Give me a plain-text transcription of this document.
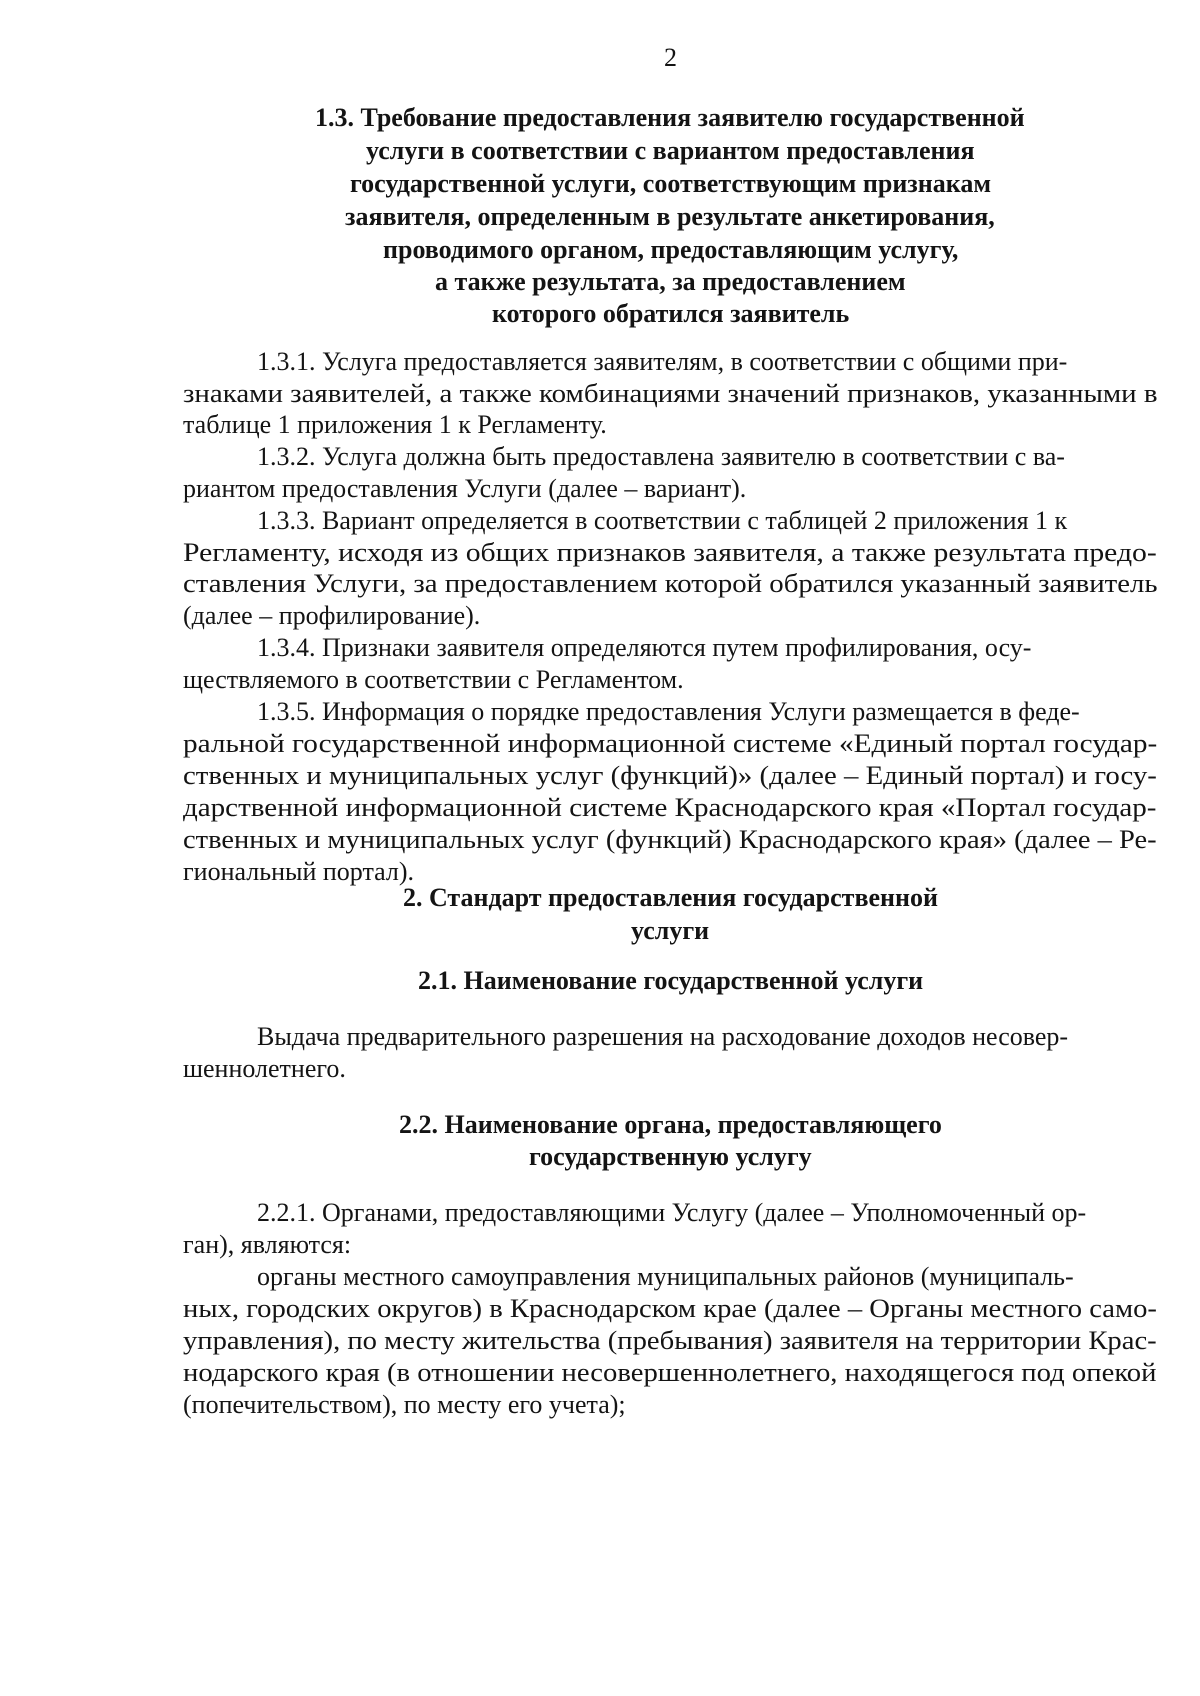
2

1.3. Требование предоставления заявителю государственной

услуги в соответствии с вариантом предоставления

государственной услуги, соответствующим признакам

заявителя, определенным в результате анкетирования,

проводимого органом, предоставляющим услугу,

а также результата, за предоставлением

которого обратился заявитель

1.3.1. Услуга предоставляется заявителям, в соответствии с общими при-

знаками заявителей, а также комбинациями значений признаков, указанными в

таблице 1 приложения 1 к Регламенту.

1.3.2. Услуга должна быть предоставлена заявителю в соответствии с ва-

риантом предоставления Услуги (далее – вариант).

1.3.3. Вариант определяется в соответствии с таблицей 2 приложения 1 к

Регламенту, исходя из общих признаков заявителя, а также результата предо-

ставления Услуги, за предоставлением которой обратился указанный заявитель

(далее – профилирование).

1.3.4. Признаки заявителя определяются путем профилирования, осу-

ществляемого в соответствии с Регламентом.

1.3.5. Информация о порядке предоставления Услуги размещается в феде-

ральной государственной информационной системе «Единый портал государ-

ственных и муниципальных услуг (функций)» (далее – Единый портал) и госу-

дарственной информационной системе Краснодарского края «Портал государ-

ственных и муниципальных услуг (функций) Краснодарского края» (далее – Ре-

гиональный портал).

2. Стандарт предоставления государственной

услуги

2.1. Наименование государственной услуги

Выдача предварительного разрешения на расходование доходов несовер-

шеннолетнего.

2.2. Наименование органа, предоставляющего

государственную услугу

2.2.1. Органами, предоставляющими Услугу (далее – Уполномоченный ор-

ган), являются:

органы местного самоуправления муниципальных районов (муниципаль-

ных, городских округов) в Краснодарском крае (далее – Органы местного само-

управления), по месту жительства (пребывания) заявителя на территории Крас-

нодарского края (в отношении несовершеннолетнего, находящегося под опекой

(попечительством), по месту его учета);
